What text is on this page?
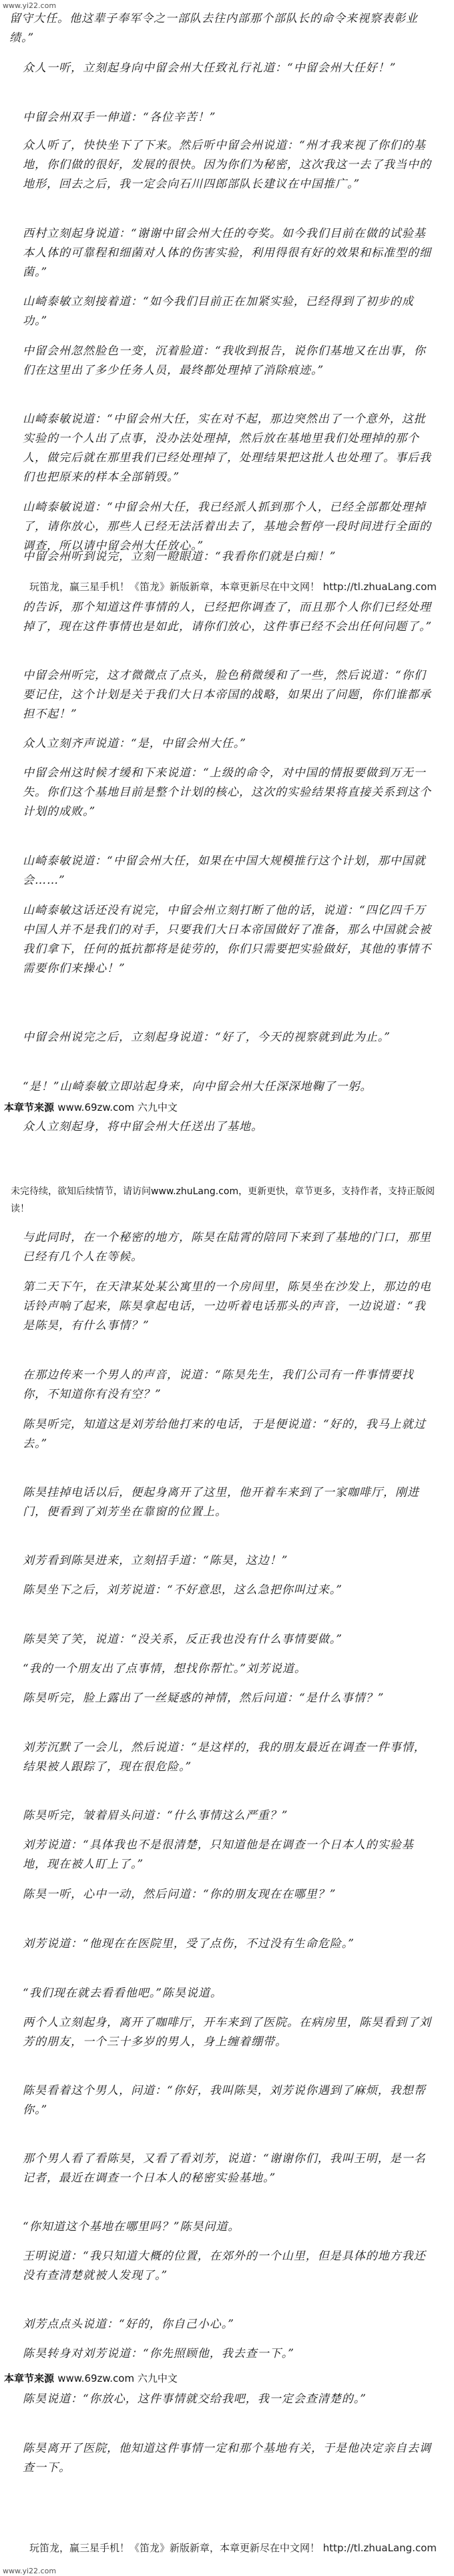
www.yi22.com
留守大任。他这辈子奉军令之一部队去往内部那个部队长的命令来视察表彰业绩。”
众人一听，立刻起身向中留会州大任致礼行礼道：“中留会州大任好！”
中留会州双手一伸道：“各位辛苦！”
众人听了，快快坐下了下来。然后听中留会州说道：“州才我来视了你们的基地，你们做的很好，发展的很快。因为你们为秘密，这次我这一去了我当中的地形，回去之后，我一定会向石川四郎部队长建议在中国推广。”
西村立刻起身说道：“谢谢中留会州大任的夸奖。如今我们目前在做的试验基本人体的可靠程和细菌对人体的伤害实验，利用得很有好的效果和标准型的细菌。”
山崎泰敏立刻接着道：“如今我们目前正在加紧实验，已经得到了初步的成功。”
中留会州忽然脸色一变，沉着脸道：“我收到报告，说你们基地又在出事，你们在这里出了多少任务人员，最终都处理掉了消除痕迹。”
山崎泰敏说道：“中留会州大任，实在对不起，那边突然出了一个意外，这批实验的一个人出了点事，没办法处理掉，然后放在基地里我们处理掉的那个人，做完后就在那里我们已经处理掉了，处理结果把这批人也处理了。事后我们也把原来的样本全部销毁。”
山崎泰敏说道：“中留会州大任，我已经派人抓到那个人，已经全部都处理掉了，请你放心，那些人已经无法活着出去了，基地会暂停一段时间进行全面的调查，所以请中留会州大任放心。”
中留会州听到说完，立刻一瞪眼道：“我看你们就是白痴！”
玩笛龙，赢三星手机！《笛龙》新版新章，本章更新尽在中文网！ http://tl.zhuaLang.com
的告诉，那个知道这件事情的人，已经把你调查了，而且那个人你们已经处理掉了，现在这件事情也是如此，请你们放心，这件事已经不会出任何问题了。”
中留会州听完，这才微微点了点头，脸色稍微缓和了一些，然后说道：“你们要记住，这个计划是关于我们大日本帝国的战略，如果出了问题，你们谁都承担不起！”
众人立刻齐声说道：“是，中留会州大任。”
中留会州这时候才缓和下来说道：“上级的命令，对中国的情报要做到万无一失。你们这个基地目前是整个计划的核心，这次的实验结果将直接关系到这个计划的成败。”
山崎泰敏说道：“中留会州大任，如果在中国大规模推行这个计划，那中国就会……”
山崎泰敏这话还没有说完，中留会州立刻打断了他的话，说道：“四亿四千万中国人并不是我们的对手，只要我们大日本帝国做好了准备，那么中国就会被我们拿下，任何的抵抗都将是徒劳的，你们只需要把实验做好，其他的事情不需要你们来操心！”
中留会州说完之后，立刻起身说道：“好了，今天的视察就到此为止。”
“是！”山崎泰敏立即站起身来，向中留会州大任深深地鞠了一躬。
本章节来源 www.69zw.com 六九中文
众人立刻起身，将中留会州大任送出了基地。
未完待续，欲知后续情节，请访问www.zhuLang.com，更新更快，章节更多，支持作者，支持正版阅读！
与此同时，在一个秘密的地方，陈昊在陆霄的陪同下来到了基地的门口，那里已经有几个人在等候。
第二天下午，在天津某处某公寓里的一个房间里，陈昊坐在沙发上，那边的电话铃声响了起来，陈昊拿起电话，一边听着电话那头的声音，一边说道：“我是陈昊，有什么事情？”
在那边传来一个男人的声音，说道：“陈昊先生，我们公司有一件事情要找你，不知道你有没有空？”
陈昊听完，知道这是刘芳给他打来的电话，于是便说道：“好的，我马上就过去。”
陈昊挂掉电话以后，便起身离开了这里，他开着车来到了一家咖啡厅，刚进门，便看到了刘芳坐在靠窗的位置上。
刘芳看到陈昊进来，立刻招手道：“陈昊，这边！”
陈昊坐下之后，刘芳说道：“不好意思，这么急把你叫过来。”
陈昊笑了笑，说道：“没关系，反正我也没有什么事情要做。”
“我的一个朋友出了点事情，想找你帮忙。”刘芳说道。
陈昊听完，脸上露出了一丝疑惑的神情，然后问道：“是什么事情？”
刘芳沉默了一会儿，然后说道：“是这样的，我的朋友最近在调查一件事情，结果被人跟踪了，现在很危险。”
陈昊听完，皱着眉头问道：“什么事情这么严重？”
刘芳说道：“具体我也不是很清楚，只知道他是在调查一个日本人的实验基地，现在被人盯上了。”
陈昊一听，心中一动，然后问道：“你的朋友现在在哪里？”
刘芳说道：“他现在在医院里，受了点伤，不过没有生命危险。”
“我们现在就去看看他吧。”陈昊说道。
两个人立刻起身，离开了咖啡厅，开车来到了医院。在病房里，陈昊看到了刘芳的朋友，一个三十多岁的男人，身上缠着绷带。
陈昊看着这个男人，问道：“你好，我叫陈昊，刘芳说你遇到了麻烦，我想帮你。”
那个男人看了看陈昊，又看了看刘芳，说道：“谢谢你们，我叫王明，是一名记者，最近在调查一个日本人的秘密实验基地。”
“你知道这个基地在哪里吗？”陈昊问道。
王明说道：“我只知道大概的位置，在郊外的一个山里，但是具体的地方我还没有查清楚就被人发现了。”
刘芳点点头说道：“好的，你自己小心。”
陈昊转身对刘芳说道：“你先照顾他，我去查一下。”
本章节来源 www.69zw.com 六九中文
陈昊说道：“你放心，这件事情就交给我吧，我一定会查清楚的。”
陈昊离开了医院，他知道这件事情一定和那个基地有关，于是他决定亲自去调查一下。
玩笛龙，赢三星手机！《笛龙》新版新章，本章更新尽在中文网！ http://tl.zhuaLang.com
www.yi22.com
